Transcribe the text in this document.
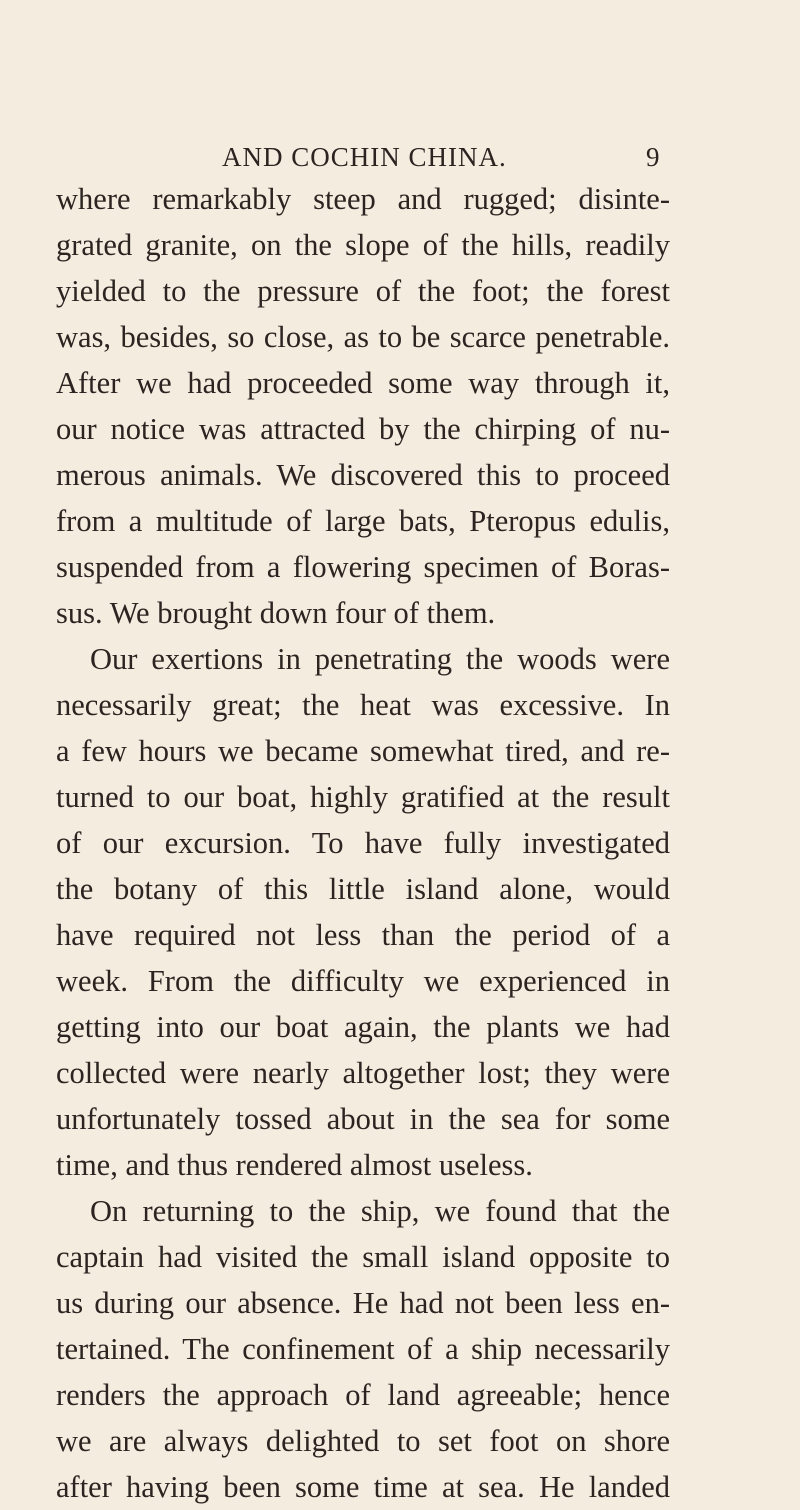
AND COCHIN CHINA.	9
where remarkably steep and rugged; disinte-
grated granite, on the slope of the hills, readily
yielded to the pressure of the foot; the forest
was, besides, so close, as to be scarce penetrable.
After we had proceeded some way through it,
our notice was attracted by the chirping of nu-
merous animals. We discovered this to proceed
from a multitude of large bats, Pteropus edulis,
suspended from a flowering specimen of Boras-
sus. We brought down four of them.
Our exertions in penetrating the woods were
necessarily great; the heat was excessive. In
a few hours we became somewhat tired, and re-
turned to our boat, highly gratified at the result
of our excursion. To have fully investigated
the botany of this little island alone, would
have required not less than the period of a
week. From the difficulty we experienced in
getting into our boat again, the plants we had
collected were nearly altogether lost; they were
unfortunately tossed about in the sea for some
time, and thus rendered almost useless.
On returning to the ship, we found that the
captain had visited the small island opposite to
us during our absence. He had not been less en-
tertained. The confinement of a ship necessarily
renders the approach of land agreeable; hence
we are always delighted to set foot on shore
after having been some time at sea. He landed
